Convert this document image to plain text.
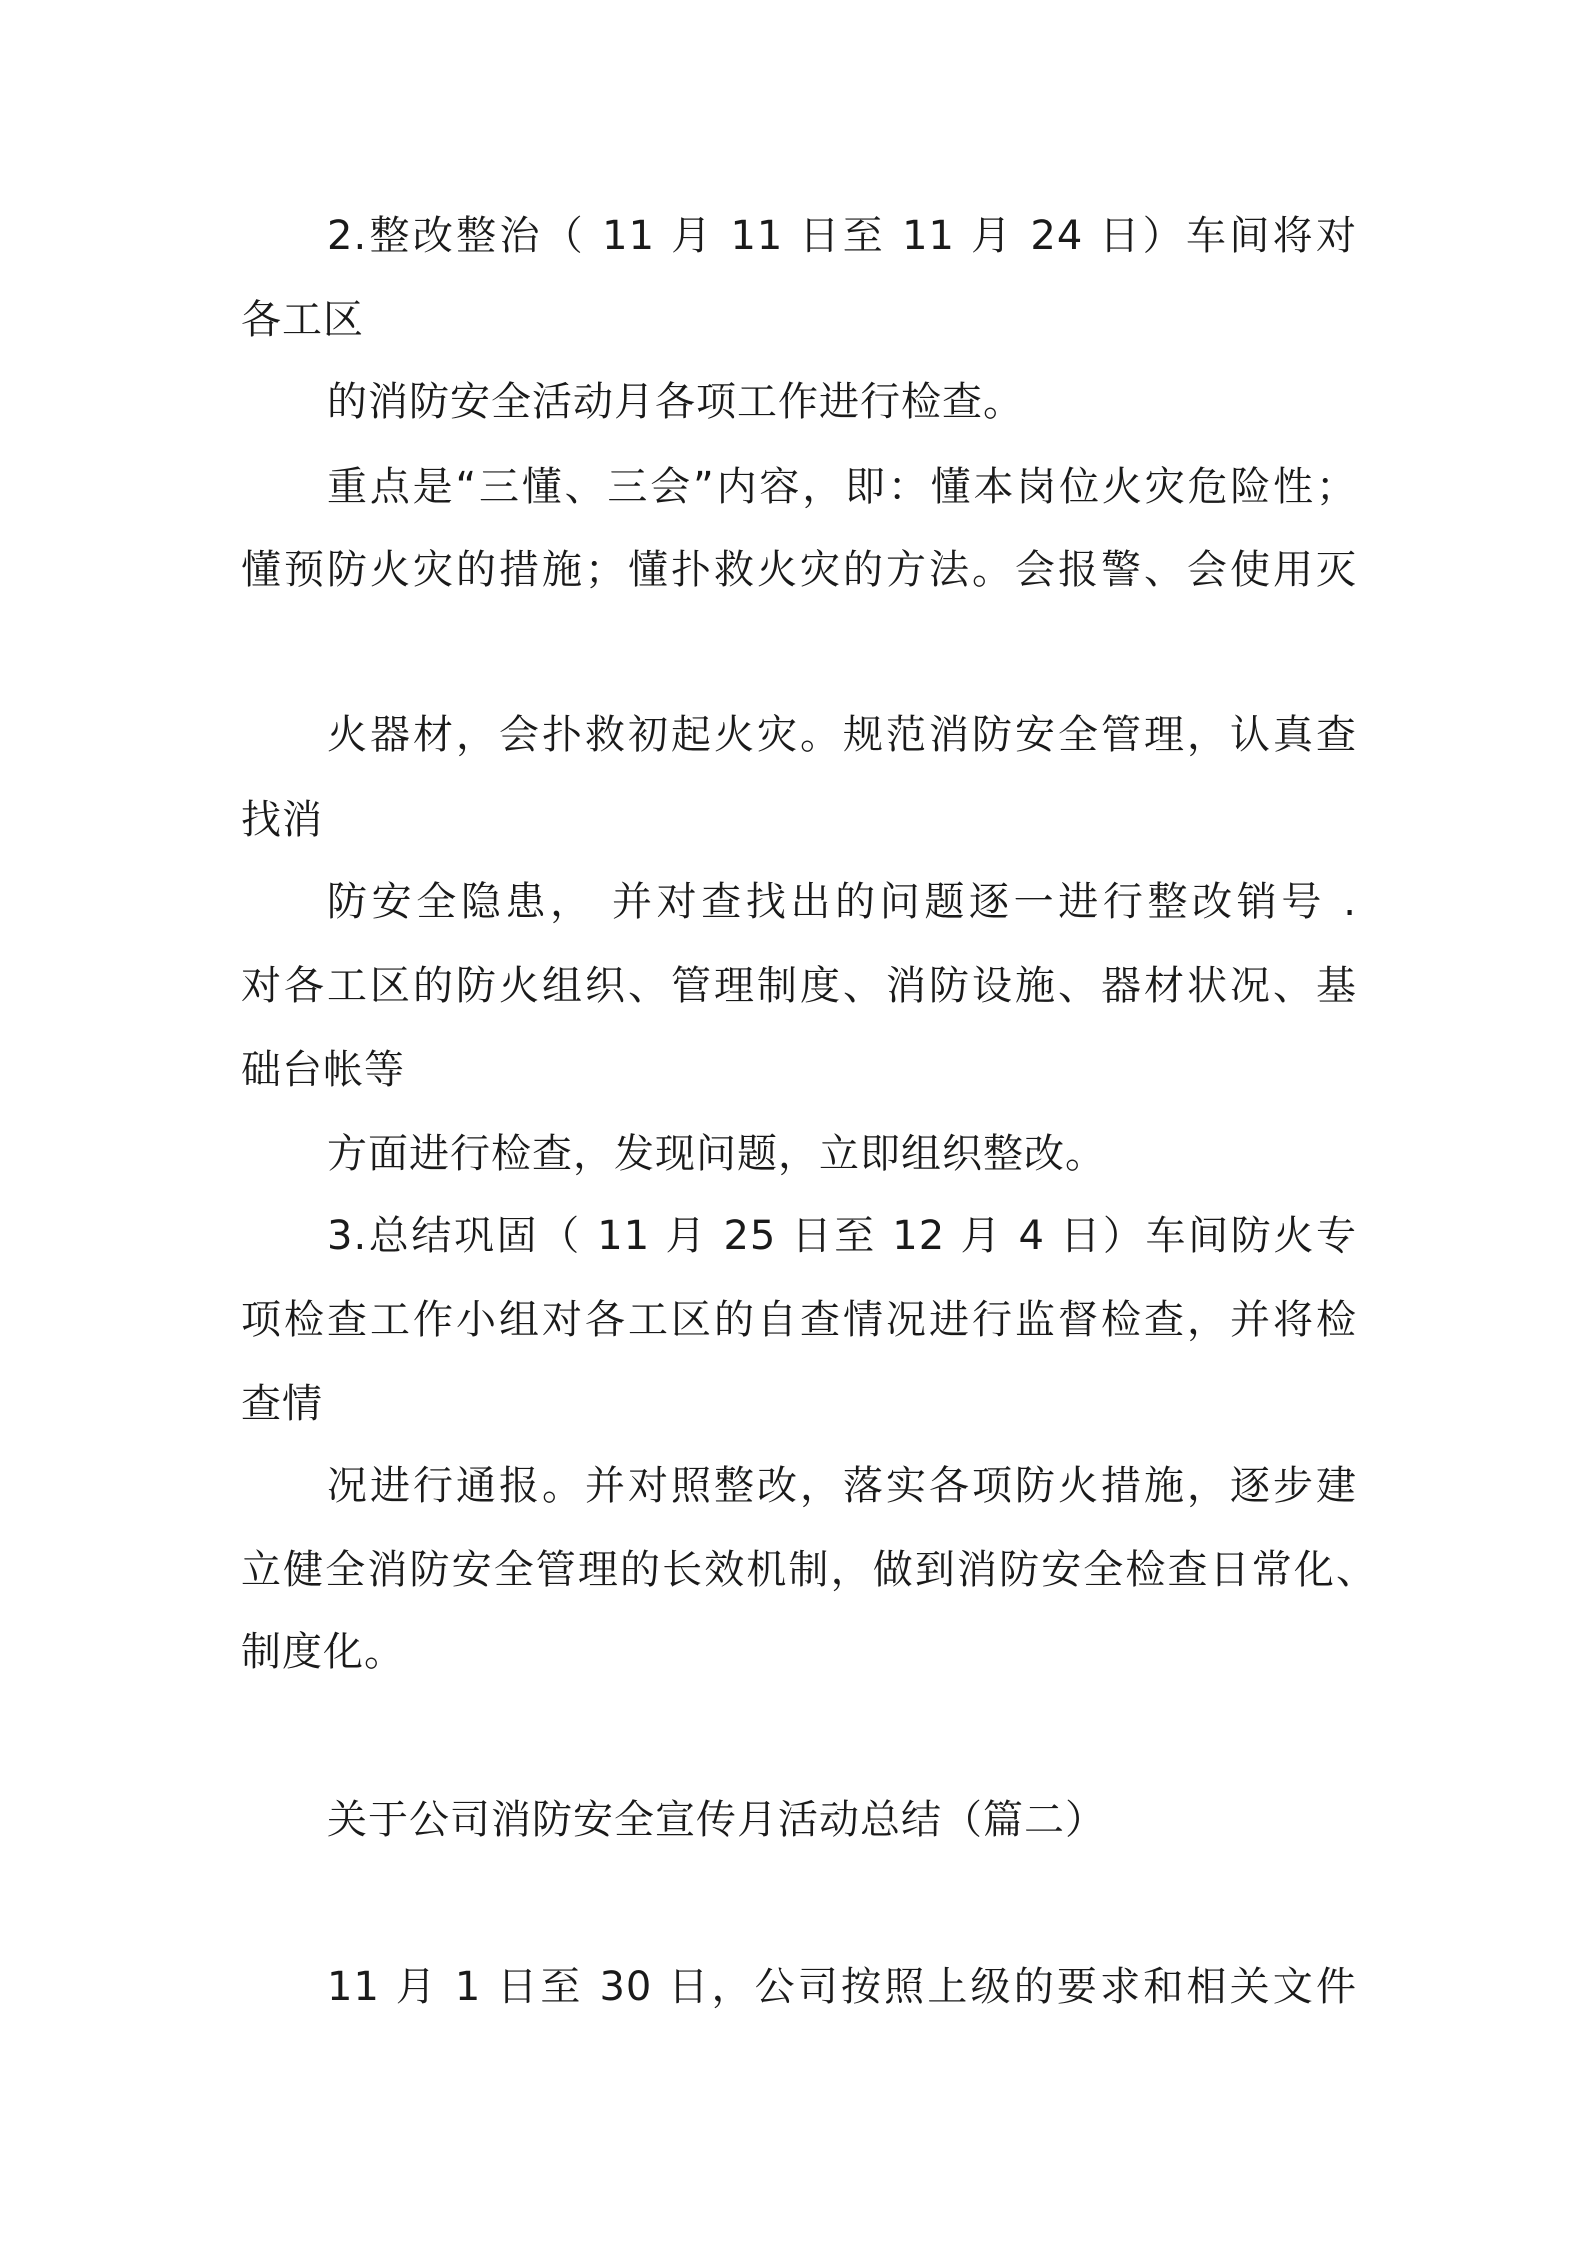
2.整改整治（ 11 月 11 日至 11 月 24 日）车间将对
各工区
的消防安全活动月各项工作进行检查。
重点是“三懂、三会”内容，即：懂本岗位火灾危险性；
懂预防火灾的措施；懂扑救火灾的方法。会报警、会使用灭
火器材，会扑救初起火灾。规范消防安全管理，认真查
找消
防安全隐患， 并对查找出的问题逐一进行整改销号 .
对各工区的防火组织、管理制度、消防设施、器材状况、基
础台帐等
方面进行检查，发现问题，立即组织整改。
3.总结巩固（ 11 月 25 日至 12 月 4 日）车间防火专
项检查工作小组对各工区的自查情况进行监督检查，并将检
查情
况进行通报。并对照整改，落实各项防火措施，逐步建
立健全消防安全管理的长效机制，做到消防安全检查日常化、
制度化。
关于公司消防安全宣传月活动总结（篇二）
11 月 1 日至 30 日，公司按照上级的要求和相关文件
